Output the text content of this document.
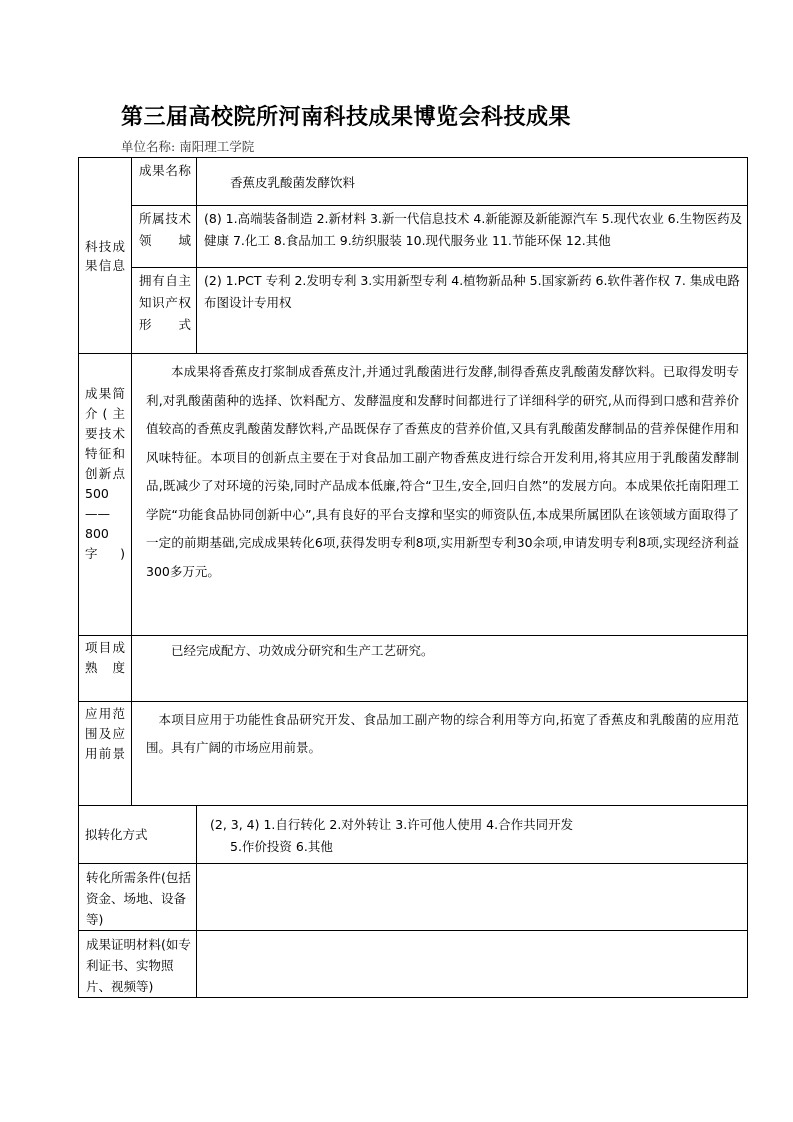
第三届高校院所河南科技成果博览会科技成果
单位名称: 南阳理工学院
科技成果信息	成果名称	香蕉皮乳酸菌发酵饮料
	所属技术领域	(8) 1.高端装备制造 2.新材料 3.新一代信息技术 4.新能源及新能源汽车 5.现代农业 6.生物医药及健康 7.化工 8.食品加工 9.纺织服装 10.现代服务业 11.节能环保 12.其他
	拥有自主知识产权形式	(2) 1.PCT 专利 2.发明专利 3.实用新型专利 4.植物新品种 5.国家新药 6.软件著作权 7. 集成电路布图设计专用权
成果简介(主要技术特征和创新点500——800字)	本成果将香蕉皮打浆制成香蕉皮汁,并通过乳酸菌进行发酵,制得香蕉皮乳酸菌发酵饮料。已取得发明专利,对乳酸菌菌种的选择、饮料配方、发酵温度和发酵时间都进行了详细科学的研究,从而得到口感和营养价值较高的香蕉皮乳酸菌发酵饮料,产品既保存了香蕉皮的营养价值,又具有乳酸菌发酵制品的营养保健作用和风味特征。本项目的创新点主要在于对食品加工副产物香蕉皮进行综合开发利用,将其应用于乳酸菌发酵制品,既减少了对环境的污染,同时产品成本低廉,符合“卫生,安全,回归自然”的发展方向。本成果依托南阳理工学院“功能食品协同创新中心”,具有良好的平台支撑和坚实的师资队伍,本成果所属团队在该领域方面取得了一定的前期基础,完成成果转化6项,获得发明专利8项,实用新型专利30余项,申请发明专利8项,实现经济利益300多万元。	
项目成熟度	已经完成配方、功效成分研究和生产工艺研究。	
应用范围及应用前景	本项目应用于功能性食品研究开发、食品加工副产物的综合利用等方向,拓宽了香蕉皮和乳酸菌的应用范围。具有广阔的市场应用前景。	
拟转化方式		(2, 3, 4) 1.自行转化 2.对外转让 3.许可他人使用 4.合作共同开发
5.作价投资 6.其他

转化所需条件(包括资金、场地、设备等)		
成果证明材料(如专利证书、实物照片、视频等)		
